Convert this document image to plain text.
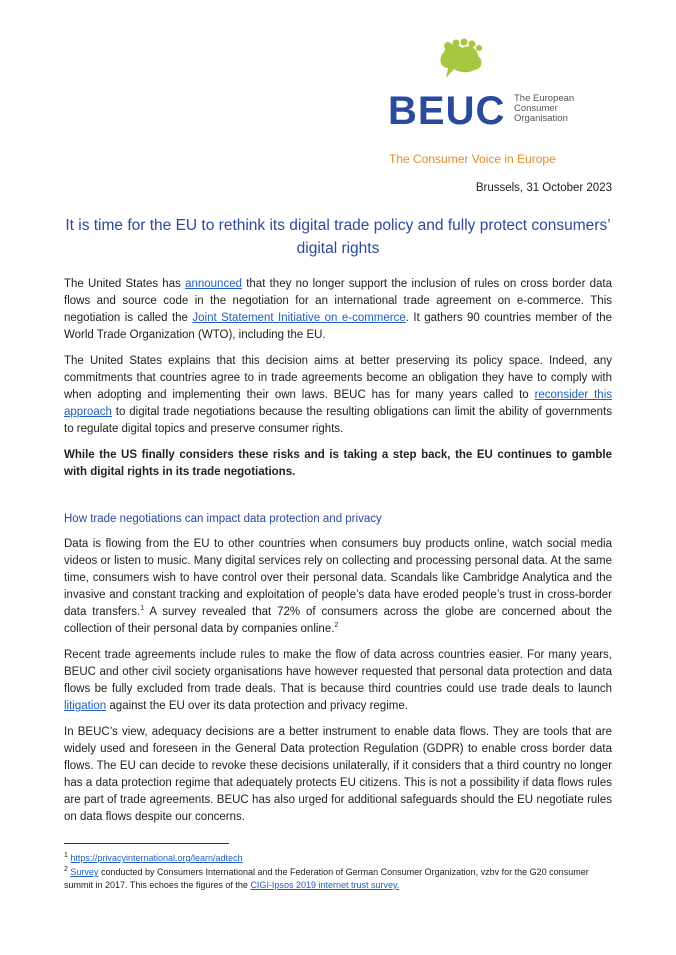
BEUC The European
Consumer
Organisation
The Consumer Voice in Europe
Brussels, 31 October 2023
It is time for the EU to rethink its digital trade policy and fully protect consumers’ digital rights

The United States has announced that they no longer support the inclusion of rules on cross border data flows and source code in the negotiation for an international trade agreement on e-commerce. This negotiation is called the Joint Statement Initiative on e-commerce. It gathers 90 countries member of the World Trade Organization (WTO), including the EU.

The United States explains that this decision aims at better preserving its policy space. Indeed, any commitments that countries agree to in trade agreements become an obligation they have to comply with when adopting and implementing their own laws. BEUC has for many years called to reconsider this approach to digital trade negotiations because the resulting obligations can limit the ability of governments to regulate digital topics and preserve consumer rights.

While the US finally considers these risks and is taking a step back, the EU continues to gamble with digital rights in its trade negotiations.

How trade negotiations can impact data protection and privacy

Data is flowing from the EU to other countries when consumers buy products online, watch social media videos or listen to music. Many digital services rely on collecting and processing personal data. At the same time, consumers wish to have control over their personal data. Scandals like Cambridge Analytica and the invasive and constant tracking and exploitation of people’s data have eroded people’s trust in cross-border data transfers.$^1$ A survey revealed that 72% of consumers across the globe are concerned about the collection of their personal data by companies online.$^2$

Recent trade agreements include rules to make the flow of data across countries easier. For many years, BEUC and other civil society organisations have however requested that personal data protection and data flows be fully excluded from trade deals. That is because third countries could use trade deals to launch litigation against the EU over its data protection and privacy regime.

In BEUC’s view, adequacy decisions are a better instrument to enable data flows. They are tools that are widely used and foreseen in the General Data protection Regulation (GDPR) to enable cross border data flows. The EU can decide to revoke these decisions unilaterally, if it considers that a third country no longer has a data protection regime that adequately protects EU citizens. This is not a possibility if data flows rules are part of trade agreements. BEUC has also urged for additional safeguards should the EU negotiate rules on data flows despite our concerns.

$^1$ https://privacyinternational.org/learn/adtech
$^2$ Survey conducted by Consumers International and the Federation of German Consumer Organization, vzbv for the G20 consumer summit in 2017. This echoes the figures of the CIGI-Ipsos 2019 internet trust survey.
